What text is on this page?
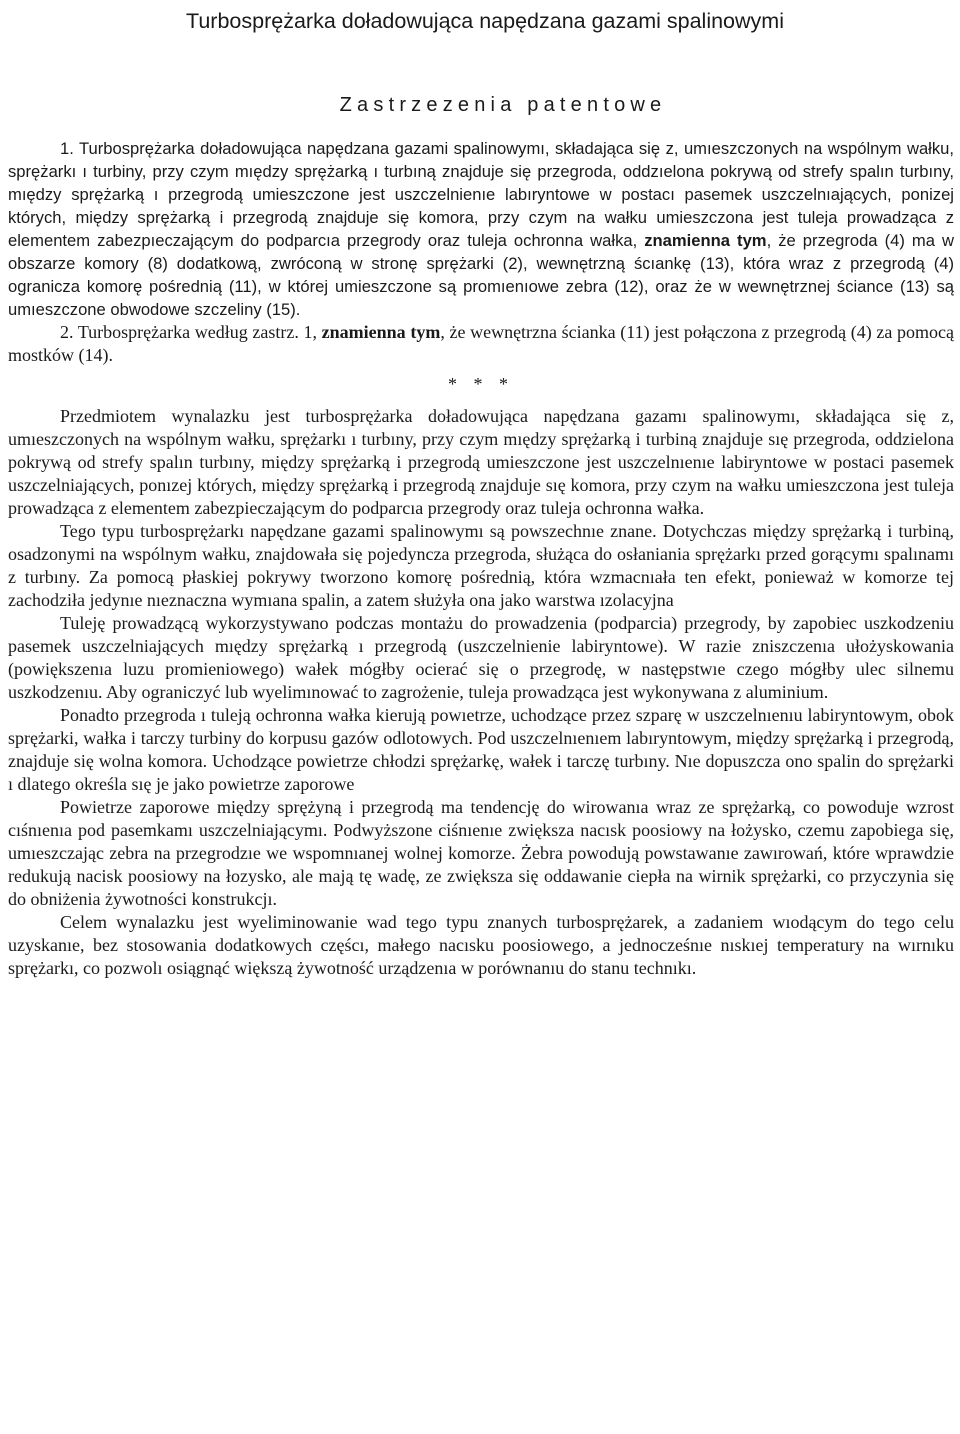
Turbosprężarka doładowująca napędzana gazami spalinowymi
Zastrzezenia patentowe

1. Turbosprężarka doładowująca napędzana gazami spalinowymı, składająca się z, umıeszczonych na wspólnym wałku, sprężarkı ı turbiny, przy czym mıędzy sprężarką ı turbıną znajduje się przegroda, oddzıelona pokrywą od strefy spalın turbıny, mıędzy sprężarką ı przegrodą umieszczone jest uszczelnienıe labıryntowe w postacı pasemek uszczelnıających, ponizej których, między sprężarką i przegrodą znajduje się komora, przy czym na wałku umieszczona jest tuleja prowadząca z elementem zabezpıeczającym do podparcıa przegrody oraz tuleja ochronna wałka, znamienna tym, że przegroda (4) ma w obszarze komory (8) dodatkową, zwróconą w stronę sprężarki (2), wewnętrzną ścıankę (13), która wraz z przegrodą (4) ogranicza komorę pośrednią (11), w której umieszczone są promıenıowe zebra (12), oraz że w wewnętrznej ściance (13) są umıeszczone obwodowe szczeliny (15).

2. Turbosprężarka według zastrz. 1, znamienna tym, że wewnętrzna ścianka (11) jest połączona z przegrodą (4) za pomocą mostków (14).

* * *

Przedmiotem wynalazku jest turbosprężarka doładowująca napędzana gazamı spalinowymı, składająca się z, umıeszczonych na wspólnym wałku, sprężarkı ı turbıny, przy czym mıędzy sprężarką i turbiną znajduje sıę przegroda, oddzielona pokrywą od strefy spalın turbıny, między sprężarką i przegrodą umieszczone jest uszczelnıenıe labiryntowe w postaci pasemek uszczelniających, ponızej których, między sprężarką i przegrodą znajduje sıę komora, przy czym na wałku umieszczona jest tuleja prowadząca z elementem zabezpieczającym do podparcıa przegrody oraz tuleja ochronna wałka.

Tego typu turbosprężarkı napędzane gazami spalinowymı są powszechnıe znane. Dotychczas między sprężarką i turbiną, osadzonymi na wspólnym wałku, znajdowała się pojedyncza przegroda, służąca do osłaniania sprężarkı przed gorącymı spalınamı z turbıny. Za pomocą płaskiej pokrywy tworzono komorę pośrednią, która wzmacnıała ten efekt, ponieważ w komorze tej zachodziła jedynıe nıeznaczna wymıana spalin, a zatem służyła ona jako warstwa ızolacyjna

Tuleję prowadzącą wykorzystywano podczas montażu do prowadzenia (podparcia) przegrody, by zapobiec uszkodzeniu pasemek uszczelniających mıędzy sprężarką ı przegrodą (uszczelnienie labiryntowe). W razie zniszczenıa ułożyskowania (powiększenıa luzu promieniowego) wałek mógłby ocierać się o przegrodę, w następstwıe czego mógłby ulec silnemu uszkodzenıu. Aby ograniczyć lub wyelimınować to zagrożenie, tuleja prowadząca jest wykonywana z aluminium.

Ponadto przegroda ı tuleją ochronna wałka kierują powıetrze, uchodzące przez szparę w uszczelnıenıu labiryntowym, obok sprężarki, wałka i tarczy turbiny do korpusu gazów odlotowych. Pod uszczelnıenıem labıryntowym, między sprężarką i przegrodą, znajduje się wolna komora. Uchodzące powietrze chłodzi sprężarkę, wałek i tarczę turbıny. Nıe dopuszcza ono spalin do sprężarki ı dlatego określa sıę je jako powietrze zaporowe

Powietrze zaporowe między sprężyną i przegrodą ma tendencję do wirowanıa wraz ze sprężarką, co powoduje wzrost cıśnıenıa pod pasemkamı uszczelniającymı. Podwyższone ciśnıenıe zwiększa nacısk poosiowy na łożysko, czemu zapobiega się, umıeszczając zebra na przegrodzıe we wspomnıanej wolnej komorze. Żebra powodują powstawanıe zawırowań, które wprawdzie redukują nacisk poosiowy na łozysko, ale mają tę wadę, ze zwiększa się oddawanie ciepła na wirnik sprężarki, co przyczynia się do obniżenia żywotności konstrukcjı.

Celem wynalazku jest wyeliminowanie wad tego typu znanych turbosprężarek, a zadaniem wıodącym do tego celu uzyskanıe, bez stosowania dodatkowych częścı, małego nacısku poosiowego, a jednocześnıe nıskıej temperatury na wırnıku sprężarkı, co pozwolı osiągnąć większą żywotność urządzenıa w porównanıu do stanu technıkı.
